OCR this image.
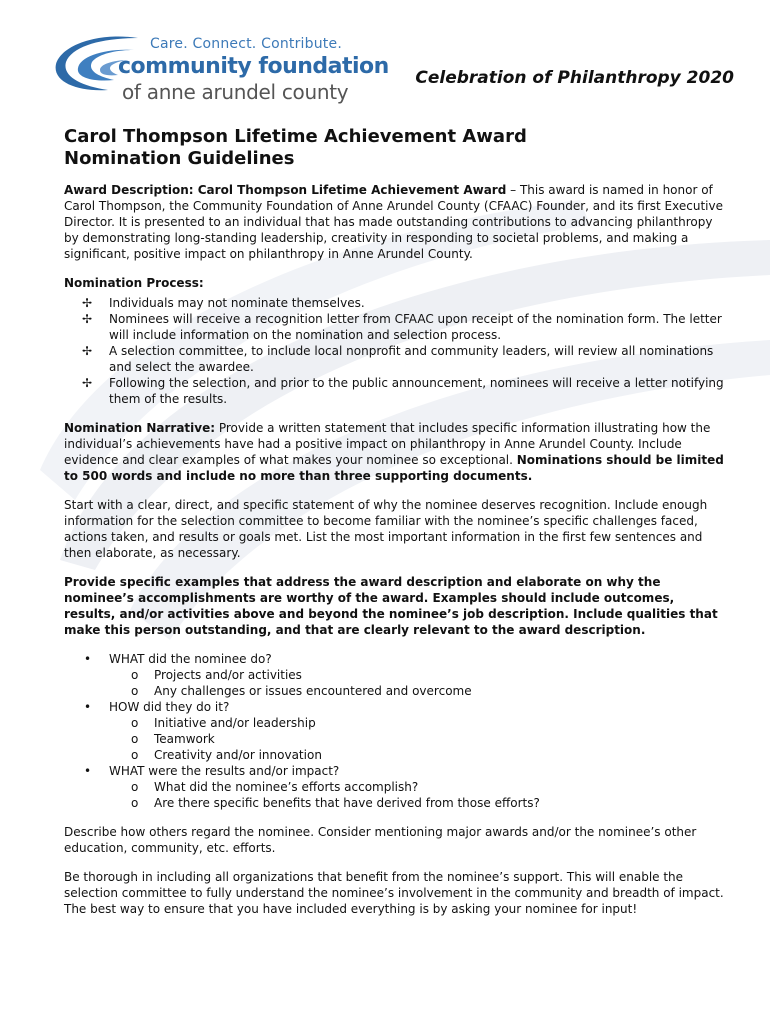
Care. Connect. Contribute.
community foundation
of anne arundel county
Celebration of Philanthropy 2020
Carol Thompson Lifetime Achievement Award
Nomination Guidelines

Award Description: Carol Thompson Lifetime Achievement Award – This award is named in honor of Carol Thompson, the Community Foundation of Anne Arundel County (CFAAC) Founder, and its first Executive Director. It is presented to an individual that has made outstanding contributions to advancing philanthropy by demonstrating long-standing leadership, creativity in responding to societal problems, and making a significant, positive impact on philanthropy in Anne Arundel County.

Nomination Process:

✢ Individuals may not nominate themselves.
✢ Nominees will receive a recognition letter from CFAAC upon receipt of the nomination form. The letter will include information on the nomination and selection process.
✢ A selection committee, to include local nonprofit and community leaders, will review all nominations and select the awardee.
✢ Following the selection, and prior to the public announcement, nominees will receive a letter notifying them of the results.

Nomination Narrative: Provide a written statement that includes specific information illustrating how the individual’s achievements have had a positive impact on philanthropy in Anne Arundel County. Include evidence and clear examples of what makes your nominee so exceptional. Nominations should be limited to 500 words and include no more than three supporting documents.

Start with a clear, direct, and specific statement of why the nominee deserves recognition. Include enough information for the selection committee to become familiar with the nominee’s specific challenges faced, actions taken, and results or goals met. List the most important information in the first few sentences and then elaborate, as necessary.

Provide specific examples that address the award description and elaborate on why the nominee’s accomplishments are worthy of the award. Examples should include outcomes, results, and/or activities above and beyond the nominee’s job description. Include qualities that make this person outstanding, and that are clearly relevant to the award description.

• WHAT did the nominee do?
o Projects and/or activities
o Any challenges or issues encountered and overcome
• HOW did they do it?
o Initiative and/or leadership
o Teamwork
o Creativity and/or innovation
• WHAT were the results and/or impact?
o What did the nominee’s efforts accomplish?
o Are there specific benefits that have derived from those efforts?

Describe how others regard the nominee. Consider mentioning major awards and/or the nominee’s other education, community, etc. efforts.

Be thorough in including all organizations that benefit from the nominee’s support. This will enable the selection committee to fully understand the nominee’s involvement in the community and breadth of impact. The best way to ensure that you have included everything is by asking your nominee for input!
